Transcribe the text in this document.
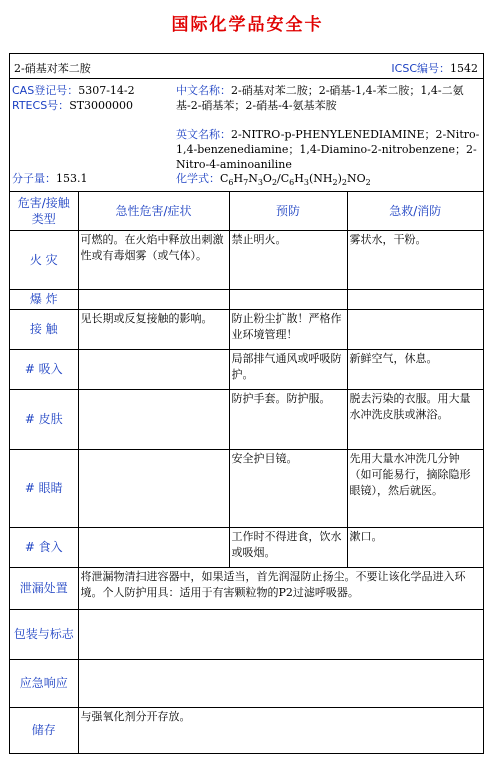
国际化学品安全卡
2-硝基对苯二胺	ICSC编号：1542
CAS登记号：5307-14-2
RTECS号：ST3000000
分子量：153.1
中文名称：2-硝基对苯二胺；2-硝基-1,4-苯二胺；1,4-二氨基-2-硝基苯；2-硝基-4-氨基苯胺
英文名称：2-NITRO-p-PHENYLENEDIAMINE；2-Nitro-1,4-benzenediamine；1,4-Diamino-2-nitrobenzene；2-Nitro-4-aminoaniline
化学式：$C_6H_7N_3O_2/C_6H_3(NH_2)_2NO_2$
危害/接触类型	急性危害/症状	预防	急救/消防
火 灾	可燃的。在火焰中释放出刺激性或有毒烟雾（或气体）。	禁止明火。	雾状水，干粉。
爆 炸			
接 触	见长期或反复接触的影响。	防止粉尘扩散！严格作业环境管理！	
# 吸入		局部排气通风或呼吸防护。	新鲜空气，休息。
# 皮肤		防护手套。防护服。	脱去污染的衣服。用大量水冲洗皮肤或淋浴。
# 眼睛		安全护目镜。	先用大量水冲洗几分钟（如可能易行，摘除隐形眼镜），然后就医。
# 食入		工作时不得进食，饮水或吸烟。	漱口。
泄漏处置	将泄漏物清扫进容器中，如果适当，首先润湿防止扬尘。不要让该化学品进入环境。个人防护用具：适用于有害颗粒物的P2过滤呼吸器。		
包装与标志			
应急响应			
储存	与强氧化剂分开存放。		
